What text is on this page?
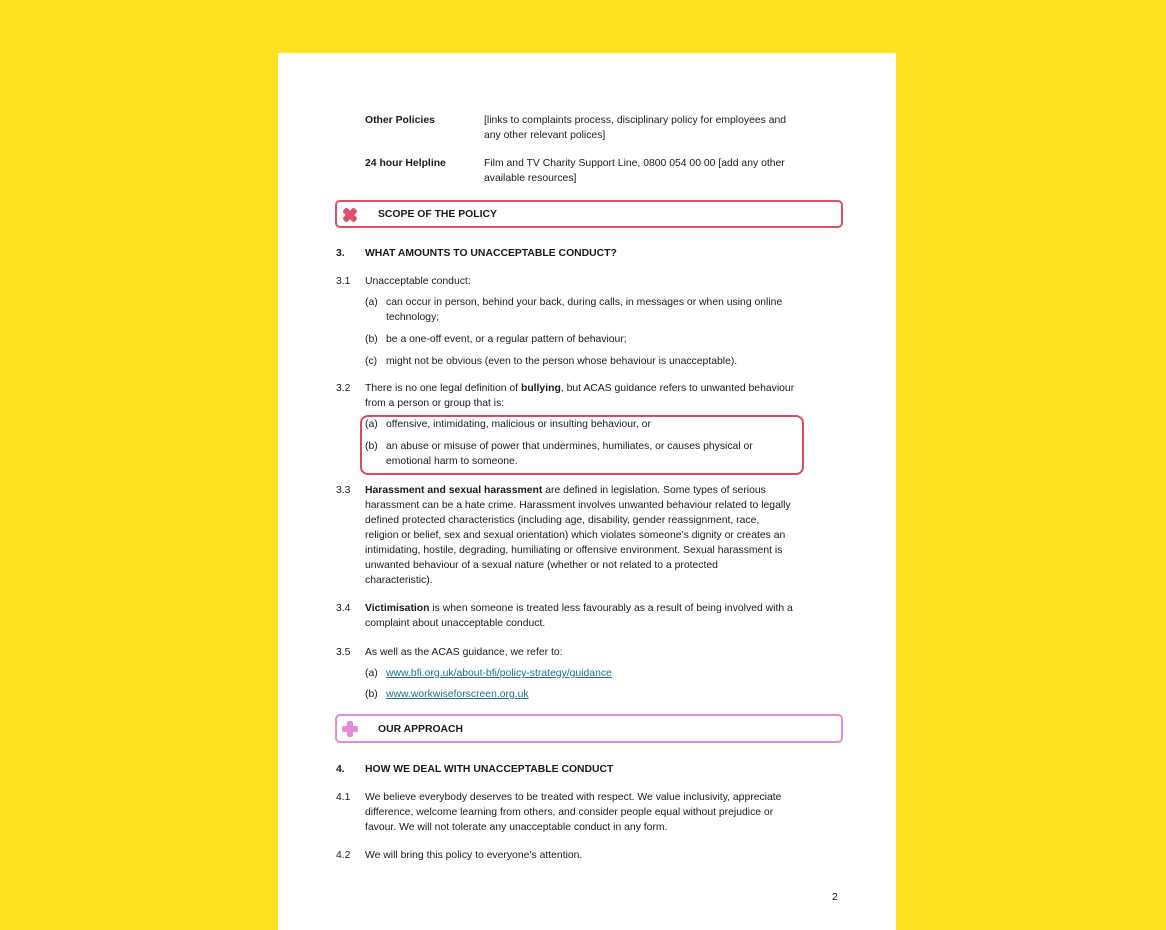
Other Policies	[links to complaints process, disciplinary policy for employees and
any other relevant polices]
24 hour Helpline	Film and TV Charity Support Line, 0800 054 00 00 [add any other
available resources]
SCOPE OF THE POLICY
3. WHAT AMOUNTS TO UNACCEPTABLE CONDUCT?
3.1 Unacceptable conduct:
(a) can occur in person, behind your back, during calls, in messages or when using online
technology;
(b) be a one-off event, or a regular pattern of behaviour;
(c) might not be obvious (even to the person whose behaviour is unacceptable).
3.2 There is no one legal definition of bullying, but ACAS guidance refers to unwanted behaviour
from a person or group that is:
(a) offensive, intimidating, malicious or insulting behaviour, or
(b) an abuse or misuse of power that undermines, humiliates, or causes physical or
emotional harm to someone.
3.3 Harassment and sexual harassment are defined in legislation. Some types of serious
harassment can be a hate crime. Harassment involves unwanted behaviour related to legally
defined protected characteristics (including age, disability, gender reassignment, race,
religion or belief, sex and sexual orientation) which violates someone’s dignity or creates an
intimidating, hostile, degrading, humiliating or offensive environment. Sexual harassment is
unwanted behaviour of a sexual nature (whether or not related to a protected
characteristic).
3.4 Victimisation is when someone is treated less favourably as a result of being involved with a
complaint about unacceptable conduct.
3.5 As well as the ACAS guidance, we refer to:
(a) www.bfi.org.uk/about-bfi/policy-strategy/guidance
(b) www.workwiseforscreen.org.uk
OUR APPROACH
4. HOW WE DEAL WITH UNACCEPTABLE CONDUCT
4.1 We believe everybody deserves to be treated with respect. We value inclusivity, appreciate
difference, welcome learning from others, and consider people equal without prejudice or
favour. We will not tolerate any unacceptable conduct in any form.
4.2 We will bring this policy to everyone’s attention.
2
